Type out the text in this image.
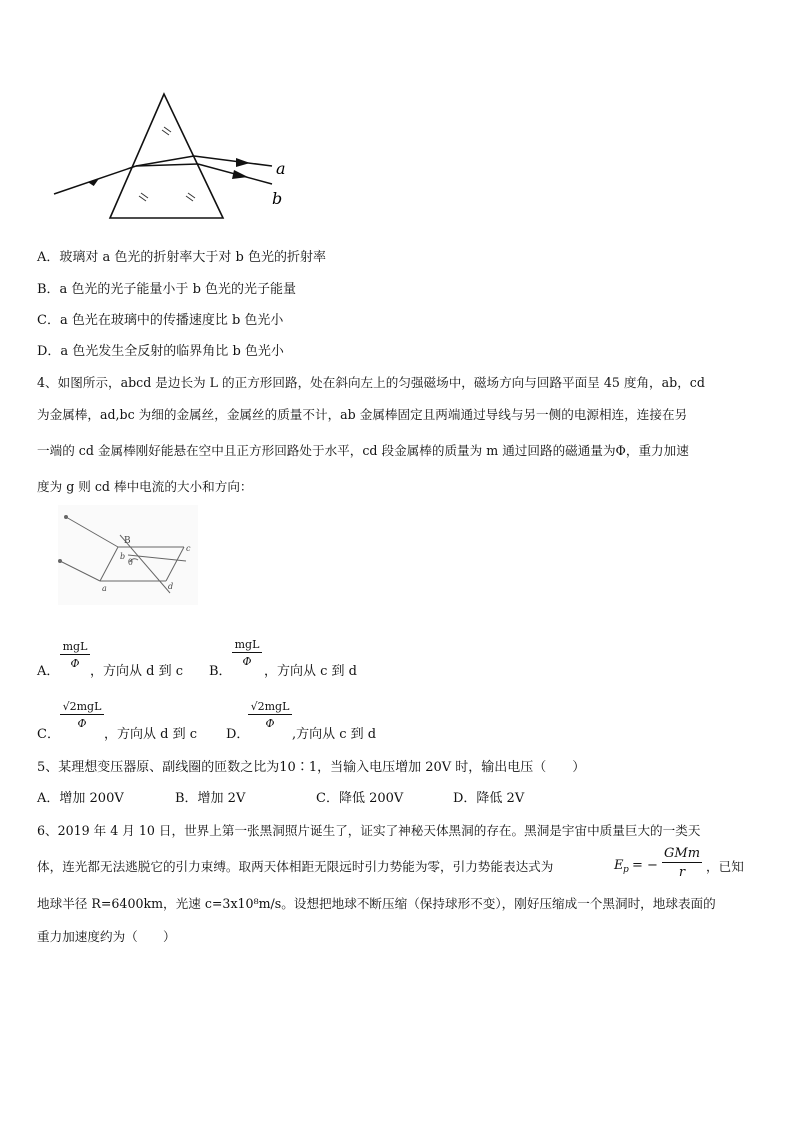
a
b
A．玻璃对 a 色光的折射率大于对 b 色光的折射率
B．a 色光的光子能量小于 b 色光的光子能量
C．a 色光在玻璃中的传播速度比 b 色光小
D．a 色光发生全反射的临界角比 b 色光小
4、如图所示，abcd 是边长为 L 的正方形回路，处在斜向左上的匀强磁场中，磁场方向与回路平面呈 45 度角，ab，cd
为金属棒，ad,bc 为细的金属丝，金属丝的质量不计，ab 金属棒固定且两端通过导线与另一侧的电源相连，连接在另
一端的 cd 金属棒刚好能悬在空中且正方形回路处于水平，cd 段金属棒的质量为 m 通过回路的磁通量为Φ，重力加速
度为 g 则 cd 棒中电流的大小和方向：
B
b
θ
c
d
a
A．
mgL
Φ
，方向从 d 到 c B．
mgL
Φ
，方向从 c 到 d
C．
√2mgL
Φ
，方向从 d 到 c D．
√2mgL
Φ
,方向从 c 到 d
5、某理想变压器原、副线圈的匝数之比为10∶1，当输入电压增加 20V 时，输出电压（　　）
A．增加 200V	B．增加 2V	C．降低 200V	D．降低 2V
6、2019 年 4 月 10 日，世界上第一张黑洞照片诞生了，证实了神秘天体黑洞的存在。黑洞是宇宙中质量巨大的一类天
体，连光都无法逃脱它的引力束缚。取两天体相距无限远时引力势能为零，引力势能表达式为	E p = −
GMm
r	，已知
地球半径 R=6400km，光速 c=3x10⁸m/s。设想把地球不断压缩（保持球形不变），刚好压缩成一个黑洞时，地球表面的
重力加速度约为（　　）
